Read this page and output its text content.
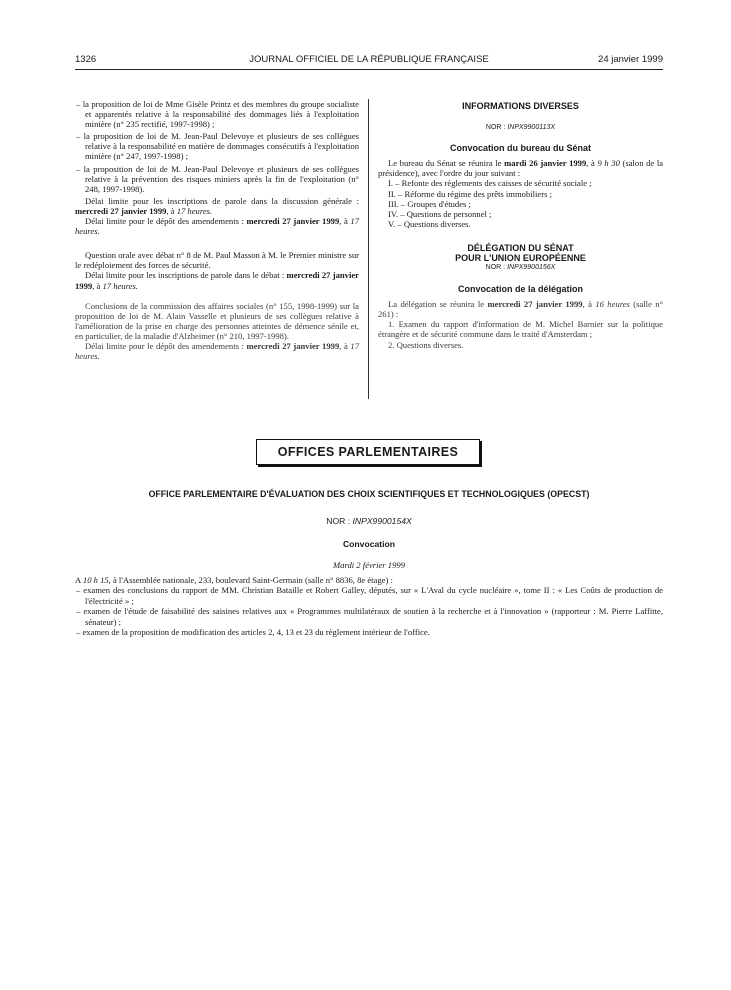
1326	JOURNAL OFFICIEL DE LA RÉPUBLIQUE FRANÇAISE	24 janvier 1999

– la proposition de loi de Mme Gisèle Printz et des membres du groupe socialiste et apparentés relative à la responsabilité des dommages liés à l'exploitation minière (n° 235 rectifié, 1997-1998) ;

– la proposition de loi de M. Jean-Paul Delevoye et plusieurs de ses collègues relative à la responsabilité en matière de dommages consécutifs à l'exploitation minière (n° 247, 1997-1998) ;

– la proposition de loi de M. Jean-Paul Delevoye et plusieurs de ses collègues relative à la prévention des risques miniers après la fin de l'exploitation (n° 248, 1997-1998).

Délai limite pour les inscriptions de parole dans la discussion générale : mercredi 27 janvier 1999, à 17 heures.

Délai limite pour le dépôt des amendements : mercredi 27 janvier 1999, à 17 heures.

Question orale avec débat n° 8 de M. Paul Masson à M. le Premier ministre sur le redéploiement des forces de sécurité.

Délai limite pour les inscriptions de parole dans le débat : mercredi 27 janvier 1999, à 17 heures.

Conclusions de la commission des affaires sociales (n° 155, 1998-1999) sur la proposition de loi de M. Alain Vasselle et plusieurs de ses collègues relative à l'amélioration de la prise en charge des personnes atteintes de démence sénile et, en particulier, de la maladie d'Alzheimer (n° 210, 1997-1998).

Délai limite pour le dépôt des amendements : mercredi 27 janvier 1999, à 17 heures.

INFORMATIONS DIVERSES
NOR : INPX9900113X
Convocation du bureau du Sénat

Le bureau du Sénat se réunira le mardi 26 janvier 1999, à 9 h 30 (salon de la présidence), avec l'ordre du jour suivant :

I. – Refonte des règlements des caisses de sécurité sociale ;

II. – Réforme du régime des prêts immobiliers ;

III. – Groupes d'études ;

IV. – Questions de personnel ;

V. – Questions diverses.

DÉLÉGATION DU SÉNAT
POUR L'UNION EUROPÉENNE
NOR : INPX9900156X
Convocation de la délégation

La délégation se réunira le mercredi 27 janvier 1999, à 16 heures (salle n° 261) :

1. Examen du rapport d'information de M. Michel Barnier sur la politique étrangère et de sécurité commune dans le traité d'Amsterdam ;

2. Questions diverses.

OFFICES PARLEMENTAIRES
OFFICE PARLEMENTAIRE D'ÉVALUATION DES CHOIX SCIENTIFIQUES ET TECHNOLOGIQUES (OPECST)
NOR : INPX9900154X
Convocation
Mardi 2 février 1999

A 10 h 15, à l'Assemblée nationale, 233, boulevard Saint-Germain (salle n° 8836, 8e étage) :

– examen des conclusions du rapport de MM. Christian Bataille et Robert Galley, députés, sur « L'Aval du cycle nucléaire », tome II : « Les Coûts de production de l'électricité » ;

– examen de l'étude de faisabilité des saisines relatives aux « Programmes multilatéraux de soutien à la recherche et à l'innovation » (rapporteur : M. Pierre Laffitte, sénateur) ;

– examen de la proposition de modification des articles 2, 4, 13 et 23 du règlement intérieur de l'office.
